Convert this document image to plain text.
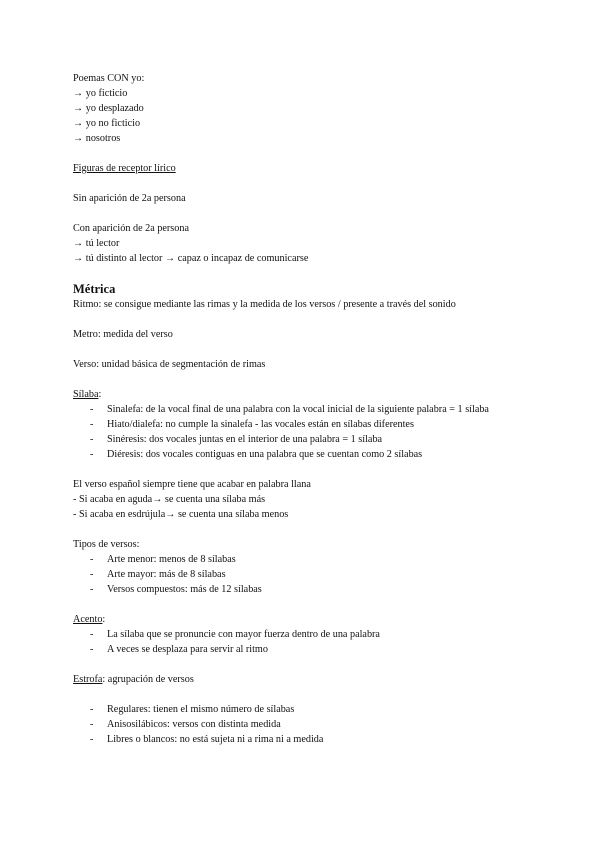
Poemas CON yo:
→ yo ficticio
→ yo desplazado
→ yo no ficticio
→ nosotros
Figuras de receptor lírico
Sin aparición de 2a persona
Con aparición de 2a persona
→ tú lector
→ tú distinto al lector → capaz o incapaz de comunicarse
Métrica
Ritmo: se consigue mediante las rimas y la medida de los versos / presente a través del sonido
Metro: medida del verso
Verso: unidad básica de segmentación de rimas
Sílaba:
- Sinalefa: de la vocal final de una palabra con la vocal inicial de la siguiente palabra = 1 sílaba
- Hiato/dialefa: no cumple la sinalefa - las vocales están en sílabas diferentes
- Sinéresis: dos vocales juntas en el interior de una palabra = 1 sílaba
- Diéresis: dos vocales contiguas en una palabra que se cuentan como 2 sílabas
El verso español siempre tiene que acabar en palabra llana
- Si acaba en aguda→ se cuenta una sílaba más
- Si acaba en esdrújula→ se cuenta una sílaba menos
Tipos de versos:
- Arte menor: menos de 8 sílabas
- Arte mayor: más de 8 sílabas
- Versos compuestos: más de 12 sílabas
Acento:
- La sílaba que se pronuncie con mayor fuerza dentro de una palabra
- A veces se desplaza para servir al ritmo
Estrofa: agrupación de versos
- Regulares: tienen el mismo número de sílabas
- Anisosilábicos: versos con distinta medida
- Libres o blancos: no está sujeta ni a rima ni a medida
